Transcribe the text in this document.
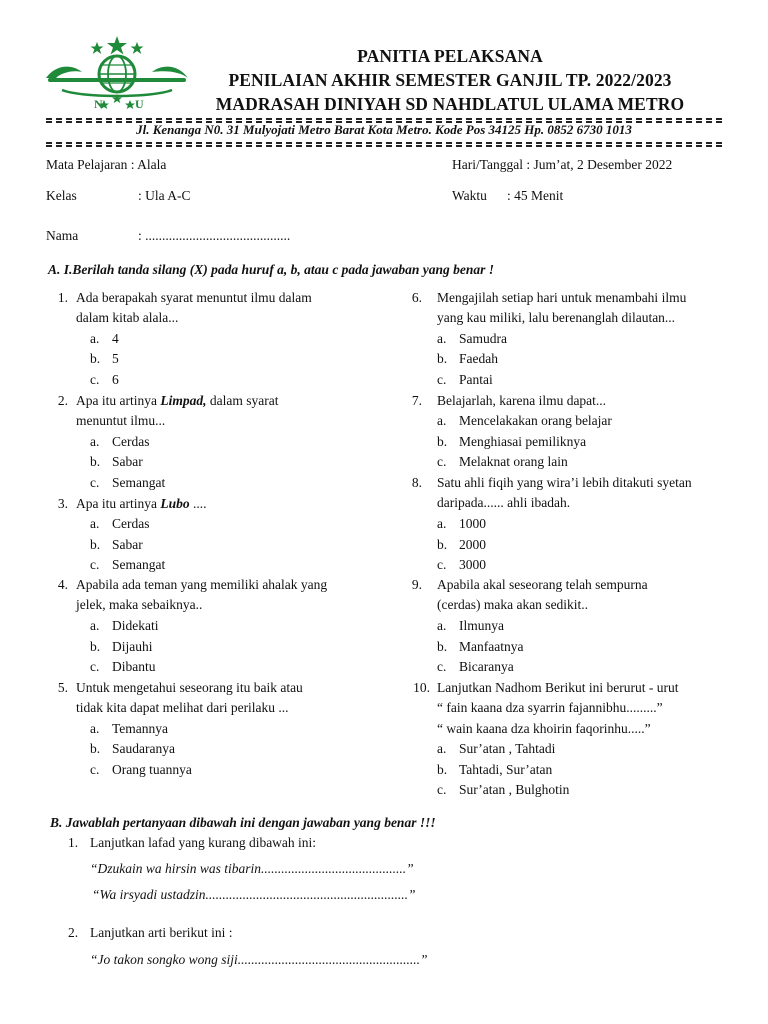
N	U
PANITIA PELAKSANA
PENILAIAN AKHIR SEMESTER GANJIL TP. 2022/2023
MADRASAH DINIYAH SD NAHDLATUL ULAMA METRO
Jl. Kenanga N0. 31 Mulyojati Metro Barat Kota Metro. Kode Pos 34125 Hp. 0852 6730 1013
Mata Pelajaran : Alala
Kelas	: Ula A-C
Nama	: ...........................................
Hari/Tanggal : Jum’at, 2 Desember 2022
Waktu : 45 Menit
A. I.Berilah tanda silang (X) pada huruf a, b, atau c pada jawaban yang benar !
1. Ada berapakah syarat menuntut ilmu dalam
dalam kitab alala...
a. 4
b. 5
c. 6
2. Apa itu artinya Limpad, dalam syarat
menuntut ilmu...
a. Cerdas
b. Sabar
c. Semangat
3. Apa itu artinya Lubo ....
a. Cerdas
b. Sabar
c. Semangat
4. Apabila ada teman yang memiliki ahalak yang
jelek, maka sebaiknya..
a. Didekati
b. Dijauhi
c. Dibantu
5. Untuk mengetahui seseorang itu baik atau
tidak kita dapat melihat dari perilaku ...
a. Temannya
b. Saudaranya
c. Orang tuannya
6. Mengajilah setiap hari untuk menambahi ilmu
yang kau miliki, lalu berenanglah dilautan...
a. Samudra
b. Faedah
c. Pantai
7. Belajarlah, karena ilmu dapat...
a. Mencelakakan orang belajar
b. Menghiasai pemiliknya
c. Melaknat orang lain
8. Satu ahli fiqih yang wira’i lebih ditakuti syetan
daripada...... ahli ibadah.
a. 1000
b. 2000
c. 3000
9. Apabila akal seseorang telah sempurna
(cerdas) maka akan sedikit..
a. Ilmunya
b. Manfaatnya
c. Bicaranya
10. Lanjutkan Nadhom Berikut ini berurut - urut
“ fain kaana dza syarrin fajannibhu.........”
“ wain kaana dza khoirin faqorinhu.....”
a. Sur’atan , Tahtadi
b. Tahtadi, Sur’atan
c. Sur’atan , Bulghotin
B. Jawablah pertanyaan dibawah ini dengan jawaban yang benar !!!
1. Lanjutkan lafad yang kurang dibawah ini:
“Dzukain wa hirsin was tibarin...........................................”
“Wa irsyadi ustadzin............................................................”
2. Lanjutkan arti berikut ini :
“Jo takon songko wong siji......................................................”
